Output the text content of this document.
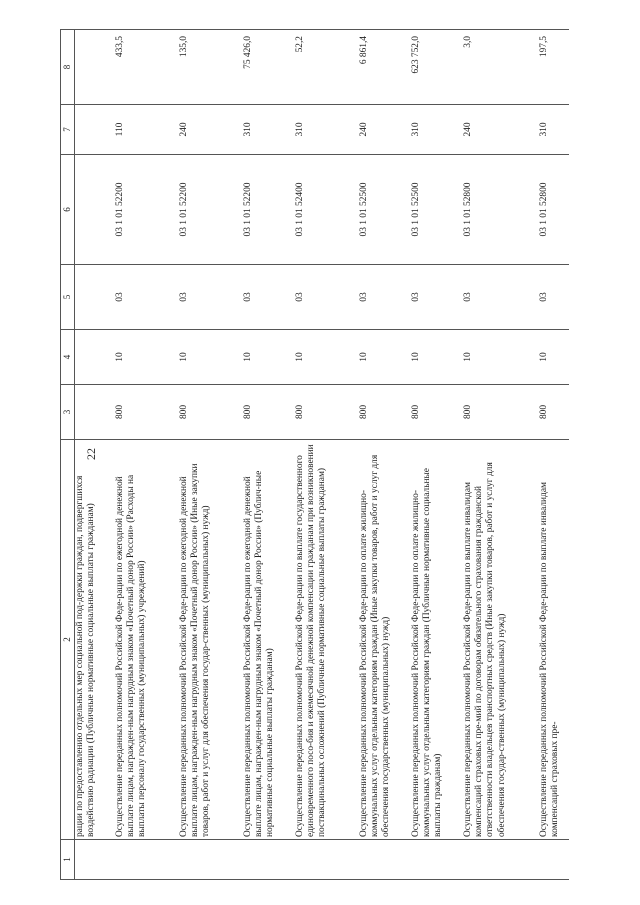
22
1	2	3	4	5	6	7	8
	рации по предоставлению отдельных мер социальной под-держки граждан, подвергшихся воздействию радиации (Публичные нормативные социальные выплаты гражданам)						
	Осуществление переданных полномочий Российской Феде-рации по ежегодной денежной выплате лицам, награжден-ным нагрудным знаком «Почетный донор России» (Расходы на выплаты персоналу государственных (муниципальных) учреждений)	800	10	03	03 1 01 52200	110	433,5
	Осуществление переданных полномочий Российской Феде-рации по ежегодной денежной выплате лицам, награжден-ным нагрудным знаком «Почетный донор России» (Иные закупки товаров, работ и услуг для обеспечения государ-ственных (муниципальных) нужд)	800	10	03	03 1 01 52200	240	135,0
	Осуществление переданных полномочий Российской Феде-рации по ежегодной денежной выплате лицам, награжден-ным нагрудным знаком «Почетный донор России» (Публич-ные нормативные социальные выплаты гражданам)	800	10	03	03 1 01 52200	310	75 426,0
	Осуществление переданных полномочий Российской Феде-рации по выплате государственного единовременного посо-бия и ежемесячной денежной компенсации гражданам при возникновении поствакцинальных осложнений (Публичные нормативные социальные выплаты гражданам)	800	10	03	03 1 01 52400	310	52,2
	Осуществление переданных полномочий Российской Феде-рации по оплате жилищно-коммунальных услуг отдельным категориям граждан (Иные закупки товаров, работ и услуг для обеспечения государственных (муниципальных) нужд)	800	10	03	03 1 01 52500	240	6 861,4
	Осуществление переданных полномочий Российской Феде-рации по оплате жилищно-коммунальных услуг отдельным категориям граждан (Публичные нормативные социальные выплаты гражданам)	800	10	03	03 1 01 52500	310	623 752,0
	Осуществление переданных полномочий Российской Феде-рации по выплате инвалидам компенсаций страховых пре-мий по договорам обязательного страхования гражданской ответственности владельцев транспортных средств (Иные закупки товаров, работ и услуг для обеспечения государ-ственных (муниципальных) нужд)	800	10	03	03 1 01 52800	240	3,0
	Осуществление переданных полномочий Российской Феде-рации по выплате инвалидам компенсаций страховых пре-	800	10	03	03 1 01 52800	310	197,5
